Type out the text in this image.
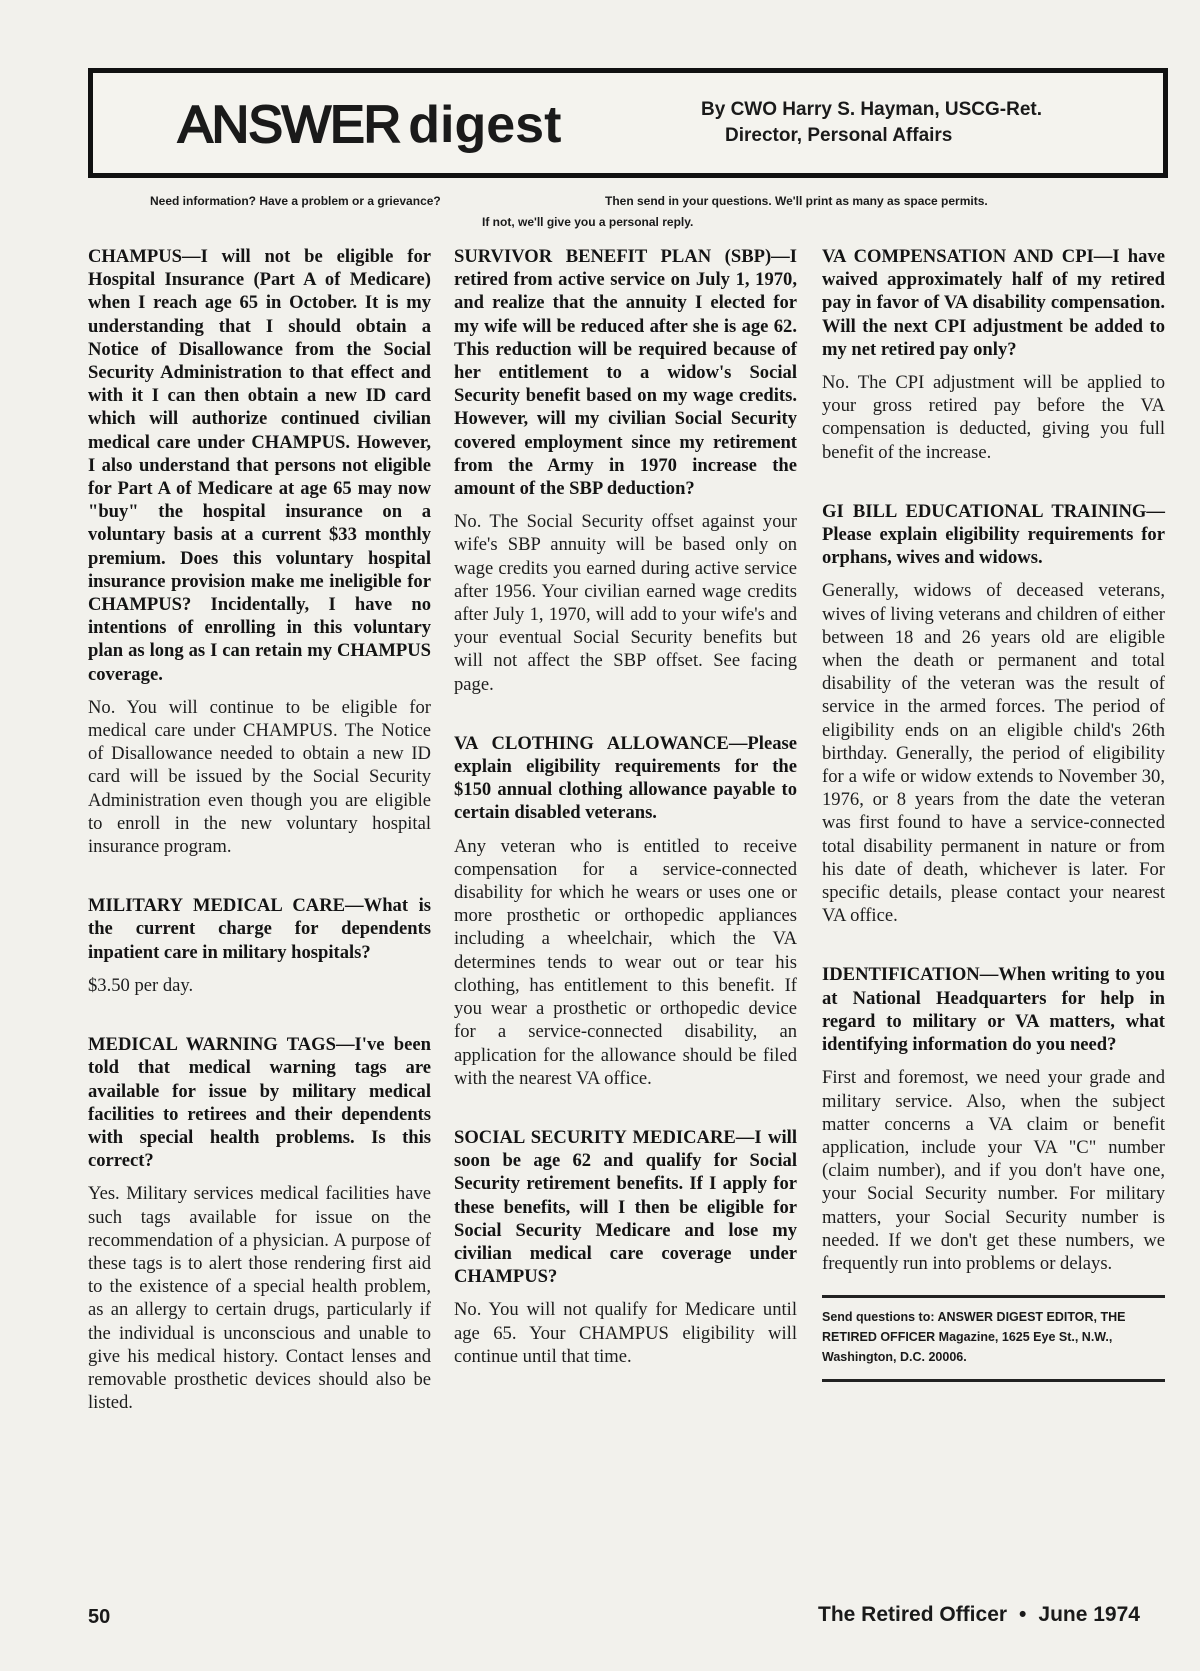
ANSWER digest	By CWO Harry S. Hayman, USCG-Ret.
Director, Personal Affairs
Need information? Have a problem or a grievance?	Then send in your questions. We'll print as many as space permits.
If not, we'll give you a personal reply.

CHAMPUS—I will not be eligible for Hospital Insurance (Part A of Medicare) when I reach age 65 in October. It is my understanding that I should obtain a Notice of Disallowance from the Social Security Administration to that effect and with it I can then obtain a new ID card which will authorize continued civilian medical care under CHAMPUS. However, I also understand that persons not eligible for Part A of Medicare at age 65 may now "buy" the hospital insurance on a voluntary basis at a current $33 monthly premium. Does this voluntary hospital insurance provision make me ineligible for CHAMPUS? Incidentally, I have no intentions of enrolling in this voluntary plan as long as I can retain my CHAMPUS coverage.

No. You will continue to be eligible for medical care under CHAMPUS. The Notice of Disallowance needed to obtain a new ID card will be issued by the Social Security Administration even though you are eligible to enroll in the new voluntary hospital insurance program.

MILITARY MEDICAL CARE—What is the current charge for dependents inpatient care in military hospitals?

$3.50 per day.

MEDICAL WARNING TAGS—I've been told that medical warning tags are available for issue by military medical facilities to retirees and their dependents with special health problems. Is this correct?

Yes. Military services medical facilities have such tags available for issue on the recommendation of a physician. A purpose of these tags is to alert those rendering first aid to the existence of a special health problem, as an allergy to certain drugs, particularly if the individual is unconscious and unable to give his medical history. Contact lenses and removable prosthetic devices should also be listed.

SURVIVOR BENEFIT PLAN (SBP)—I retired from active service on July 1, 1970, and realize that the annuity I elected for my wife will be reduced after she is age 62. This reduction will be required because of her entitlement to a widow's Social Security benefit based on my wage credits. However, will my civilian Social Security covered employment since my retirement from the Army in 1970 increase the amount of the SBP deduction?

No. The Social Security offset against your wife's SBP annuity will be based only on wage credits you earned during active service after 1956. Your civilian earned wage credits after July 1, 1970, will add to your wife's and your eventual Social Security benefits but will not affect the SBP offset. See facing page.

VA CLOTHING ALLOWANCE—Please explain eligibility requirements for the $150 annual clothing allowance payable to certain disabled veterans.

Any veteran who is entitled to receive compensation for a service-connected disability for which he wears or uses one or more prosthetic or orthopedic appliances including a wheelchair, which the VA determines tends to wear out or tear his clothing, has entitlement to this benefit. If you wear a prosthetic or orthopedic device for a service-connected disability, an application for the allowance should be filed with the nearest VA office.

SOCIAL SECURITY MEDICARE—I will soon be age 62 and qualify for Social Security retirement benefits. If I apply for these benefits, will I then be eligible for Social Security Medicare and lose my civilian medical care coverage under CHAMPUS?

No. You will not qualify for Medicare until age 65. Your CHAMPUS eligibility will continue until that time.

VA COMPENSATION AND CPI—I have waived approximately half of my retired pay in favor of VA disability compensation. Will the next CPI adjustment be added to my net retired pay only?

No. The CPI adjustment will be applied to your gross retired pay before the VA compensation is deducted, giving you full benefit of the increase.

GI BILL EDUCATIONAL TRAINING—Please explain eligibility requirements for orphans, wives and widows.

Generally, widows of deceased veterans, wives of living veterans and children of either between 18 and 26 years old are eligible when the death or permanent and total disability of the veteran was the result of service in the armed forces. The period of eligibility ends on an eligible child's 26th birthday. Generally, the period of eligibility for a wife or widow extends to November 30, 1976, or 8 years from the date the veteran was first found to have a service-connected total disability permanent in nature or from his date of death, whichever is later. For specific details, please contact your nearest VA office.

IDENTIFICATION—When writing to you at National Headquarters for help in regard to military or VA matters, what identifying information do you need?

First and foremost, we need your grade and military service. Also, when the subject matter concerns a VA claim or benefit application, include your VA "C" number (claim number), and if you don't have one, your Social Security number. For military matters, your Social Security number is needed. If we don't get these numbers, we frequently run into problems or delays.

Send questions to: ANSWER DIGEST EDITOR, THE RETIRED OFFICER Magazine, 1625 Eye St., N.W., Washington, D.C. 20006.

50	The Retired Officer • June 1974
